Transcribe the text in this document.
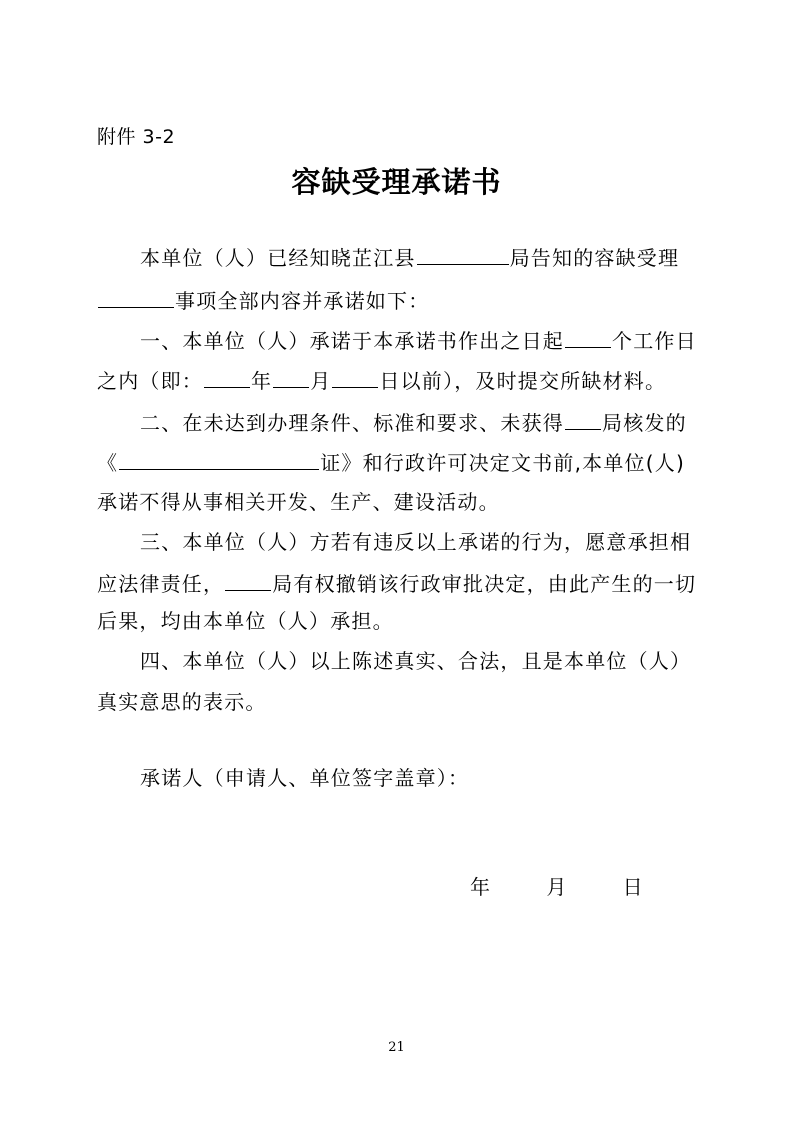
附件 3-2
容缺受理承诺书
本单位（人）已经知晓芷江县	局告知的容缺受理
事项全部内容并承诺如下：
一、本单位（人）承诺于本承诺书作出之日起 个工作日
之内（即： 年 月 日以前），及时提交所缺材料。
二、在未达到办理条件、标准和要求、未获得 局核发的
《	证》和行政许可决定文书前,本单位(人)
承诺不得从事相关开发、生产、建设活动。
三、本单位（人）方若有违反以上承诺的行为，愿意承担相
应法律责任， 局有权撤销该行政审批决定，由此产生的一切
后果，均由本单位（人）承担。
四、本单位（人）以上陈述真实、合法，且是本单位（人）
真实意思的表示。
承诺人（申请人、单位签字盖章）：
年	月	日
21
